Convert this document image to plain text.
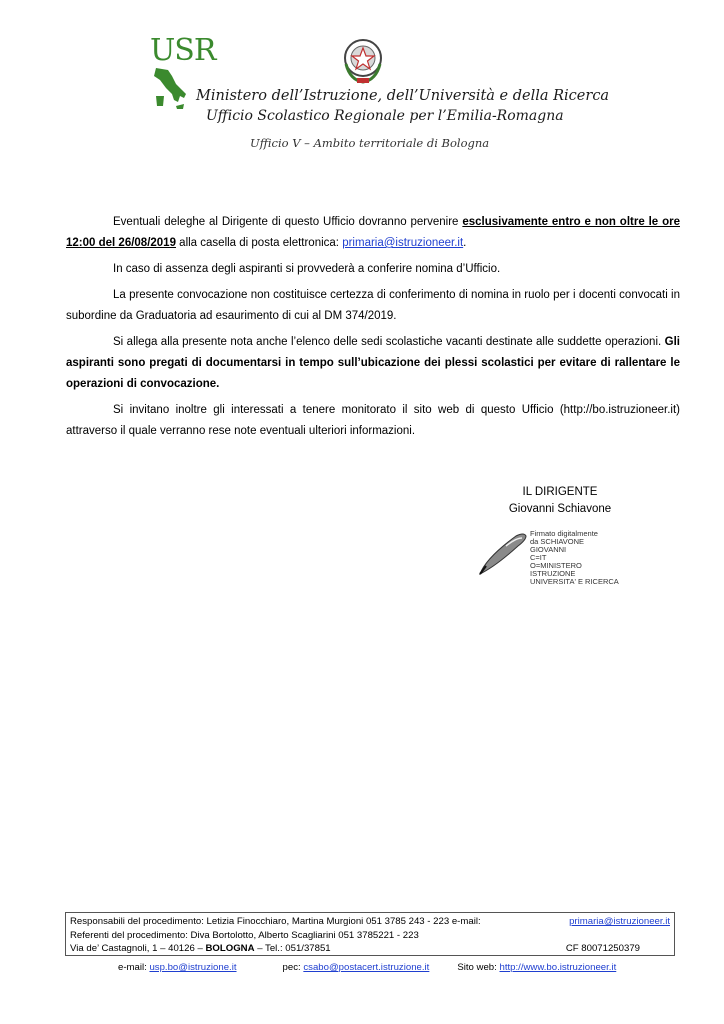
USR
Ministero dell’Istruzione, dell’Università e della Ricerca
Ufficio Scolastico Regionale per l’Emilia-Romagna
Ufficio V – Ambito territoriale di Bologna

Eventuali deleghe al Dirigente di questo Ufficio dovranno pervenire esclusivamente entro e non oltre le ore 12:00 del 26/08/2019 alla casella di posta elettronica: primaria@istruzioneer.it.

In caso di assenza degli aspiranti si provvederà a conferire nomina d’Ufficio.

La presente convocazione non costituisce certezza di conferimento di nomina in ruolo per i docenti convocati in subordine da Graduatoria ad esaurimento di cui al DM 374/2019.

Si allega alla presente nota anche l’elenco delle sedi scolastiche vacanti destinate alle suddette operazioni. Gli aspiranti sono pregati di documentarsi in tempo sull’ubicazione dei plessi scolastici per evitare di rallentare le operazioni di convocazione.

Si invitano inoltre gli interessati a tenere monitorato il sito web di questo Ufficio (http://bo.istruzioneer.it) attraverso il quale verranno rese note eventuali ulteriori informazioni.

IL DIRIGENTE
Giovanni Schiavone
Firmato digitalmente
da SCHIAVONE
GIOVANNI
C=IT
O=MINISTERO
ISTRUZIONE
UNIVERSITA' E RICERCA
Responsabili del procedimento: Letizia Finocchiaro, Martina Murgioni 051 3785 243 - 223 e-mail:	primaria@istruzioneer.it
Referenti del procedimento: Diva Bortolotto, Alberto Scagliarini 051 3785221 - 223
Via de’ Castagnoli, 1 – 40126 – BOLOGNA – Tel.: 051/37851	CF 80071250379
e-mail: usp.bo@istruzione.it	pec: csabo@postacert.istruzione.it	Sito web: http://www.bo.istruzioneer.it
